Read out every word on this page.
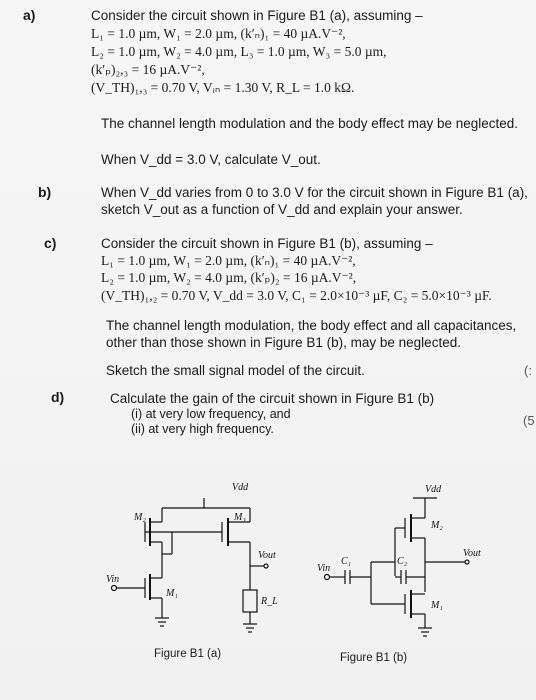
a)	Consider the circuit shown in Figure B1 (a), assuming –
L₁ = 1.0 µm, W₁ = 2.0 µm, (k′ₙ)₁ = 40 µA.V⁻²,
L₂ = 1.0 µm, W₂ = 4.0 µm, L₃ = 1.0 µm, W₃ = 5.0 µm,
(k′ₚ)₂,₃ = 16 µA.V⁻²,
(V_TH)₁,₃ = 0.70 V, Vᵢₙ = 1.30 V, R_L = 1.0 kΩ.
The channel length modulation and the body effect may be neglected.
When V_dd = 3.0 V, calculate V_out.
b)	When V_dd varies from 0 to 3.0 V for the circuit shown in Figure B1 (a),
sketch V_out as a function of V_dd and explain your answer.
c)	Consider the circuit shown in Figure B1 (b), assuming –
L₁ = 1.0 µm, W₁ = 2.0 µm, (k′ₙ)₁ = 40 µA.V⁻²,
L₂ = 1.0 µm, W₂ = 4.0 µm, (k′ₚ)₂ = 16 µA.V⁻²,
(V_TH)₁,₂ = 0.70 V, V_dd = 3.0 V, C₁ = 2.0×10⁻³ µF, C₂ = 5.0×10⁻³ µF.
The channel length modulation, the body effect and all capacitances,
other than those shown in Figure B1 (b), may be neglected.
Sketch the small signal model of the circuit.	(:
d)	Calculate the gain of the circuit shown in Figure B1 (b)
(i) at very low frequency, and
(ii) at very high frequency.
(5
Vdd
M₂	M₃
M₁
Vout
Vin
R_L
Figure B1 (a)
Vdd
M₂
M₁
Vin
Vout
C₁	C₂
Figure B1 (b)
